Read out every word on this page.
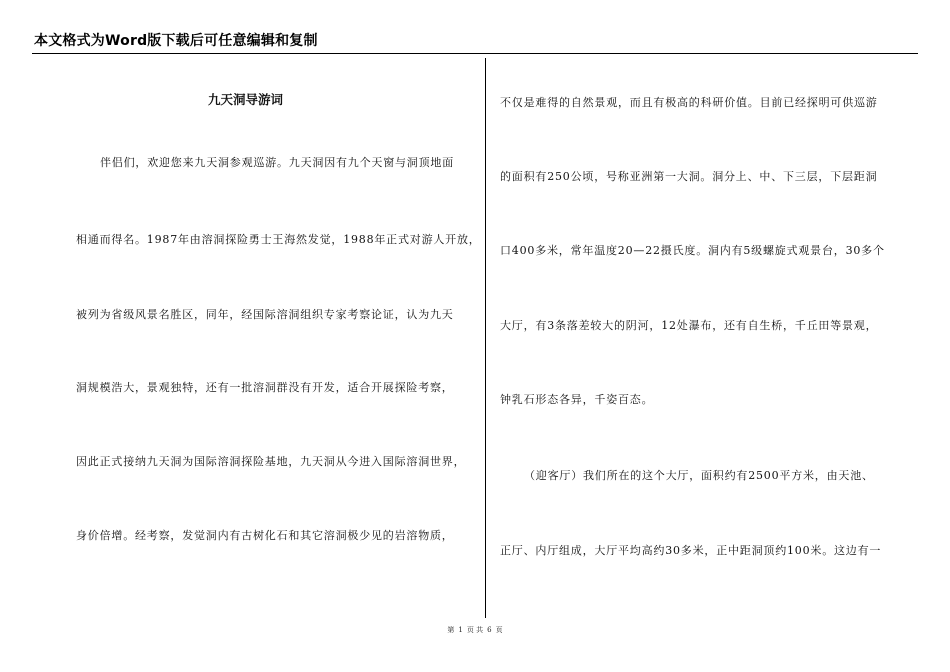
本文格式为Word版下载后可任意编辑和复制
九天洞导游词
伴侣们，欢迎您来九天洞参观巡游。九天洞因有九个天窗与洞顶地面
相通而得名。1987年由溶洞探险勇士王海然发觉，1988年正式对游人开放，
被列为省级风景名胜区，同年，经国际溶洞组织专家考察论证，认为九天
洞规模浩大，景观独特，还有一批溶洞群没有开发，适合开展探险考察，
因此正式接纳九天洞为国际溶洞探险基地，九天洞从今进入国际溶洞世界，
身价倍增。经考察，发觉洞内有古树化石和其它溶洞极少见的岩溶物质，
不仅是难得的自然景观，而且有极高的科研价值。目前已经探明可供巡游
的面积有250公顷，号称亚洲第一大洞。洞分上、中、下三层，下层距洞
口400多米，常年温度20—22摄氏度。洞内有5级螺旋式观景台，30多个
大厅，有3条落差较大的阴河，12处瀑布，还有自生桥，千丘田等景观，
钟乳石形态各异，千姿百态。
（迎客厅）我们所在的这个大厅，面积约有2500平方米，由天池、
正厅、内厅组成，大厅平均高约30多米，正中距洞顶约100米。这边有一
第 1 页 共 6 页
